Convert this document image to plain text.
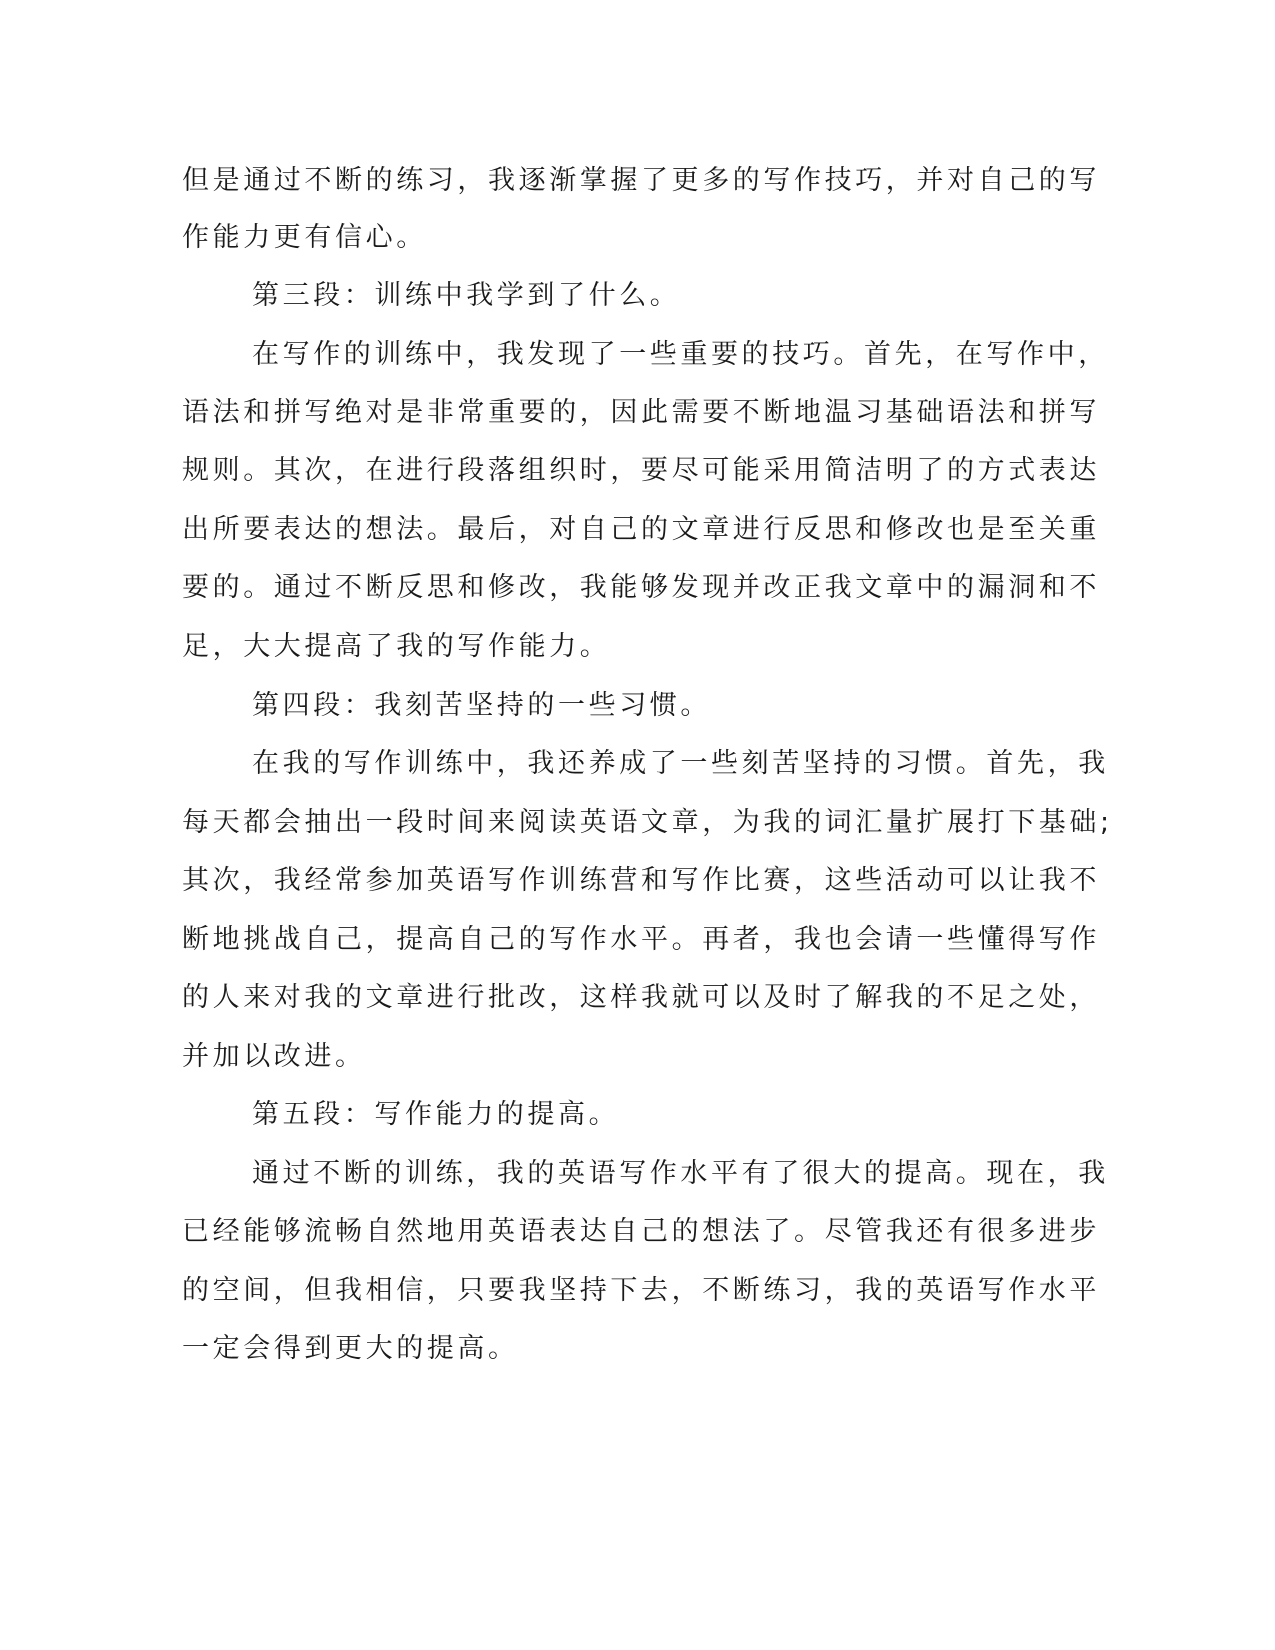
但是通过不断的练习，我逐渐掌握了更多的写作技巧，并对自己的写
作能力更有信心。
第三段：训练中我学到了什么。
在写作的训练中，我发现了一些重要的技巧。首先，在写作中，
语法和拼写绝对是非常重要的，因此需要不断地温习基础语法和拼写
规则。其次，在进行段落组织时，要尽可能采用简洁明了的方式表达
出所要表达的想法。最后，对自己的文章进行反思和修改也是至关重
要的。通过不断反思和修改，我能够发现并改正我文章中的漏洞和不
足，大大提高了我的写作能力。
第四段：我刻苦坚持的一些习惯。
在我的写作训练中，我还养成了一些刻苦坚持的习惯。首先，我
每天都会抽出一段时间来阅读英语文章，为我的词汇量扩展打下基础;
其次，我经常参加英语写作训练营和写作比赛，这些活动可以让我不
断地挑战自己，提高自己的写作水平。再者，我也会请一些懂得写作
的人来对我的文章进行批改，这样我就可以及时了解我的不足之处，
并加以改进。
第五段：写作能力的提高。
通过不断的训练，我的英语写作水平有了很大的提高。现在，我
已经能够流畅自然地用英语表达自己的想法了。尽管我还有很多进步
的空间，但我相信，只要我坚持下去，不断练习，我的英语写作水平
一定会得到更大的提高。
